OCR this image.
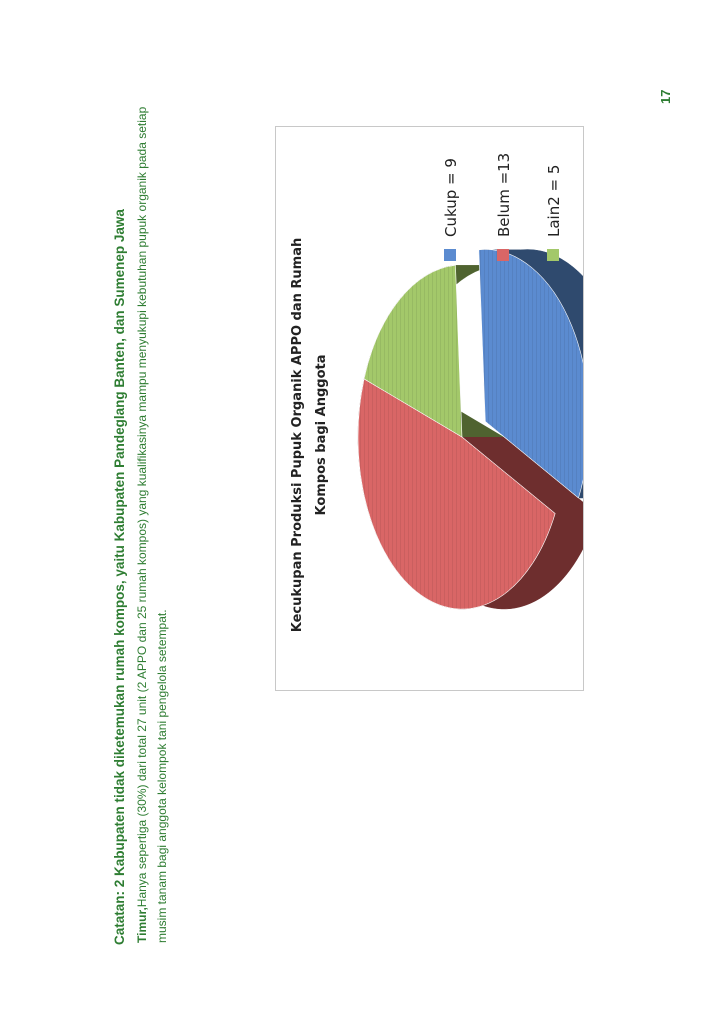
17
Catatan: 2 Kabupaten tidak diketemukan rumah kompos, yaitu Kabupaten Pandeglang Banten, dan Sumenep Jawa Timur,Hanya sepertiga (30%) dari total 27 unit (2 APPO dan 25 rumah kompos) yang kualifikasinya mampu menyukupi kebutuhan pupuk organik pada setiap musim tanam bagi anggota kelompok tani pengelola setempat.
Kecukupan Produksi Pupuk Organik APPO dan Rumah Kompos bagi Anggota
Cukup = 9 Belum =13 Lain2 = 5
